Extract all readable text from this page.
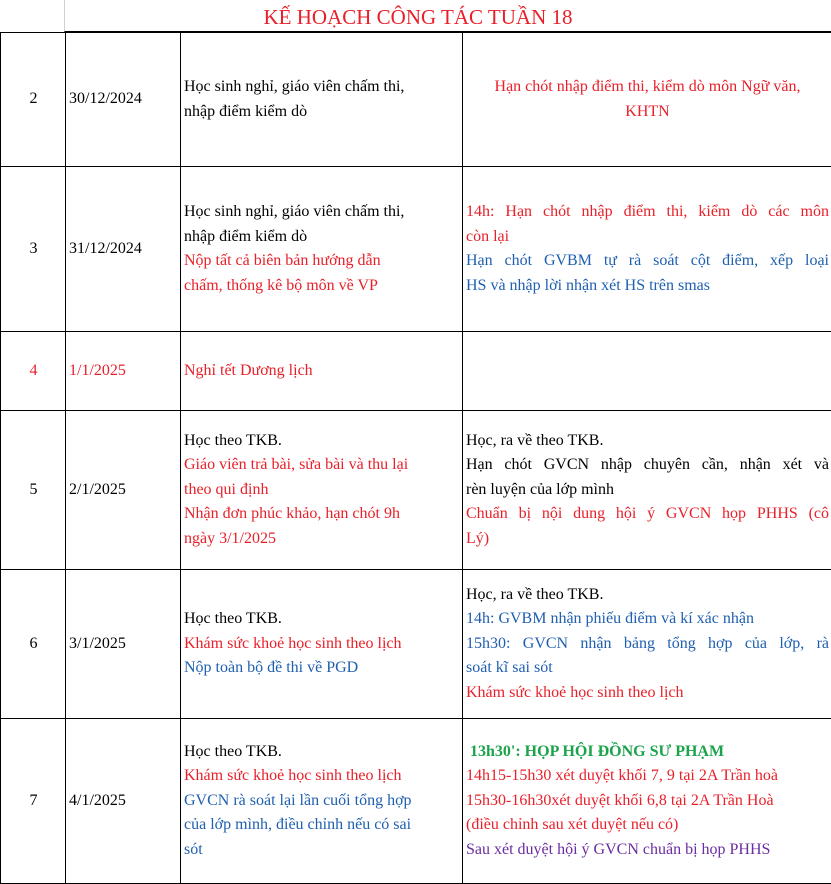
KẾ HOẠCH CÔNG TÁC TUẦN 18
2	30/12/2024	Học sinh nghỉ, giáo viên chấm thi,
nhập điểm kiểm dò	Hạn chót nhập điểm thi, kiểm dò môn Ngữ văn,
KHTN

3	31/12/2024	Học sinh nghỉ, giáo viên chấm thi,
nhập điểm kiểm dò
Nộp tất cả biên bản hướng dẫn
chấm, thống kê bộ môn về VP	14h: Hạn chót nhập điểm thi, kiểm dò các môn
còn lại
Hạn chót GVBM tự rà soát cột điểm, xếp loại
HS và nhập lời nhận xét HS trên smas

4	1/1/2025	Nghỉ tết Dương lịch	

5	2/1/2025	Học theo TKB.
Giáo viên trả bài, sửa bài và thu lại
theo qui định
Nhận đơn phúc khảo, hạn chót 9h
ngày 3/1/2025	Học, ra về theo TKB.
Hạn chót GVCN nhập chuyên cần, nhận xét và
rèn luyện của lớp mình
Chuẩn bị nội dung hội ý GVCN họp PHHS (cô
Lý)

6	3/1/2025	Học theo TKB.
Khám sức khoẻ học sinh theo lịch
Nộp toàn bộ đề thi về PGD	Học, ra về theo TKB.
14h: GVBM nhận phiếu điểm và kí xác nhận
15h30: GVCN nhận bảng tổng hợp của lớp, rà
soát kĩ sai sót
Khám sức khoẻ học sinh theo lịch

7	4/1/2025	Học theo TKB.
Khám sức khoẻ học sinh theo lịch
GVCN rà soát lại lần cuối tổng hợp
của lớp mình, điều chỉnh nếu có sai
sót	13h30': HỌP HỘI ĐỒNG SƯ PHẠM
14h15-15h30 xét duyệt khối 7, 9 tại 2A Trần hoà
15h30-16h30xét duyệt khối 6,8 tại 2A Trần Hoà
(điều chỉnh sau xét duyệt nếu có)
Sau xét duyệt hội ý GVCN chuẩn bị họp PHHS
